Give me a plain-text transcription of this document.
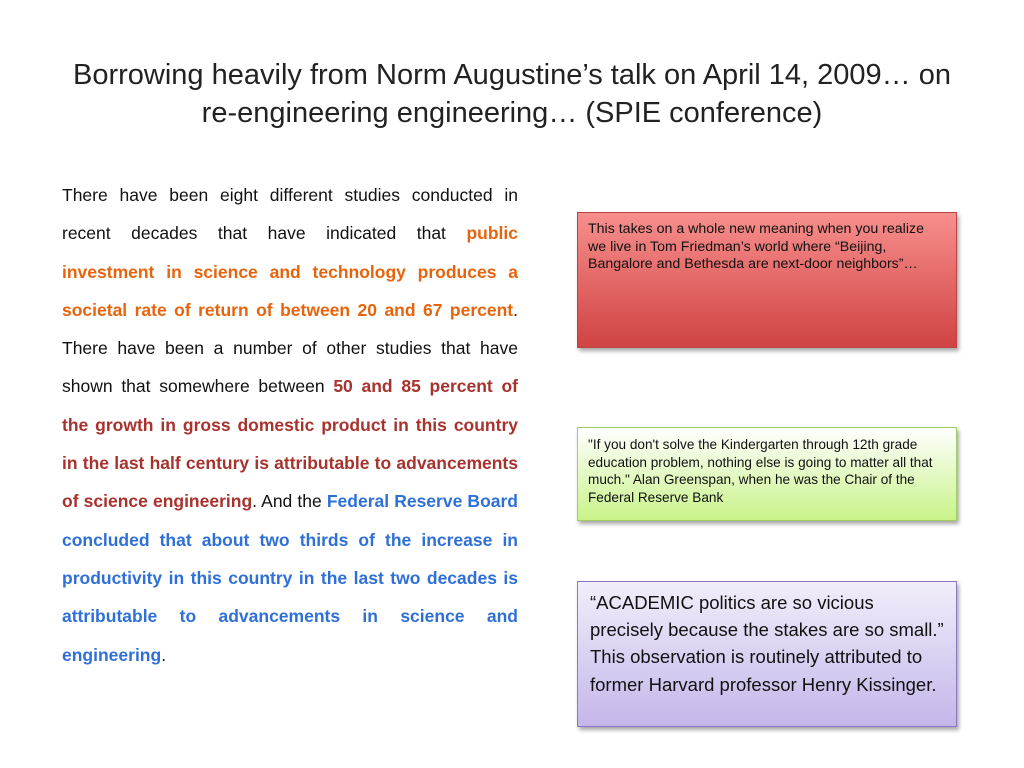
Borrowing heavily from Norm Augustine’s talk on April 14, 2009… on re-engineering engineering… (SPIE conference)
There have been eight different studies conducted in recent decades that have indicated that public investment in science and technology produces a societal rate of return of between 20 and 67 percent. There have been a number of other studies that have shown that somewhere between 50 and 85 percent of the growth in gross domestic product in this country in the last half century is attributable to advancements of science engineering. And the Federal Reserve Board concluded that about two thirds of the increase in productivity in this country in the last two decades is attributable to advancements in science and engineering.
This takes on a whole new meaning when you realize we live in Tom Friedman’s world where “Beijing, Bangalore and Bethesda are next-door neighbors”…
"If you don't solve the Kindergarten through 12th grade education problem, nothing else is going to matter all that much." Alan Greenspan, when he was the Chair of the Federal Reserve Bank
“ACADEMIC politics are so vicious precisely because the stakes are so small.” This observation is routinely attributed to former Harvard professor Henry Kissinger.
